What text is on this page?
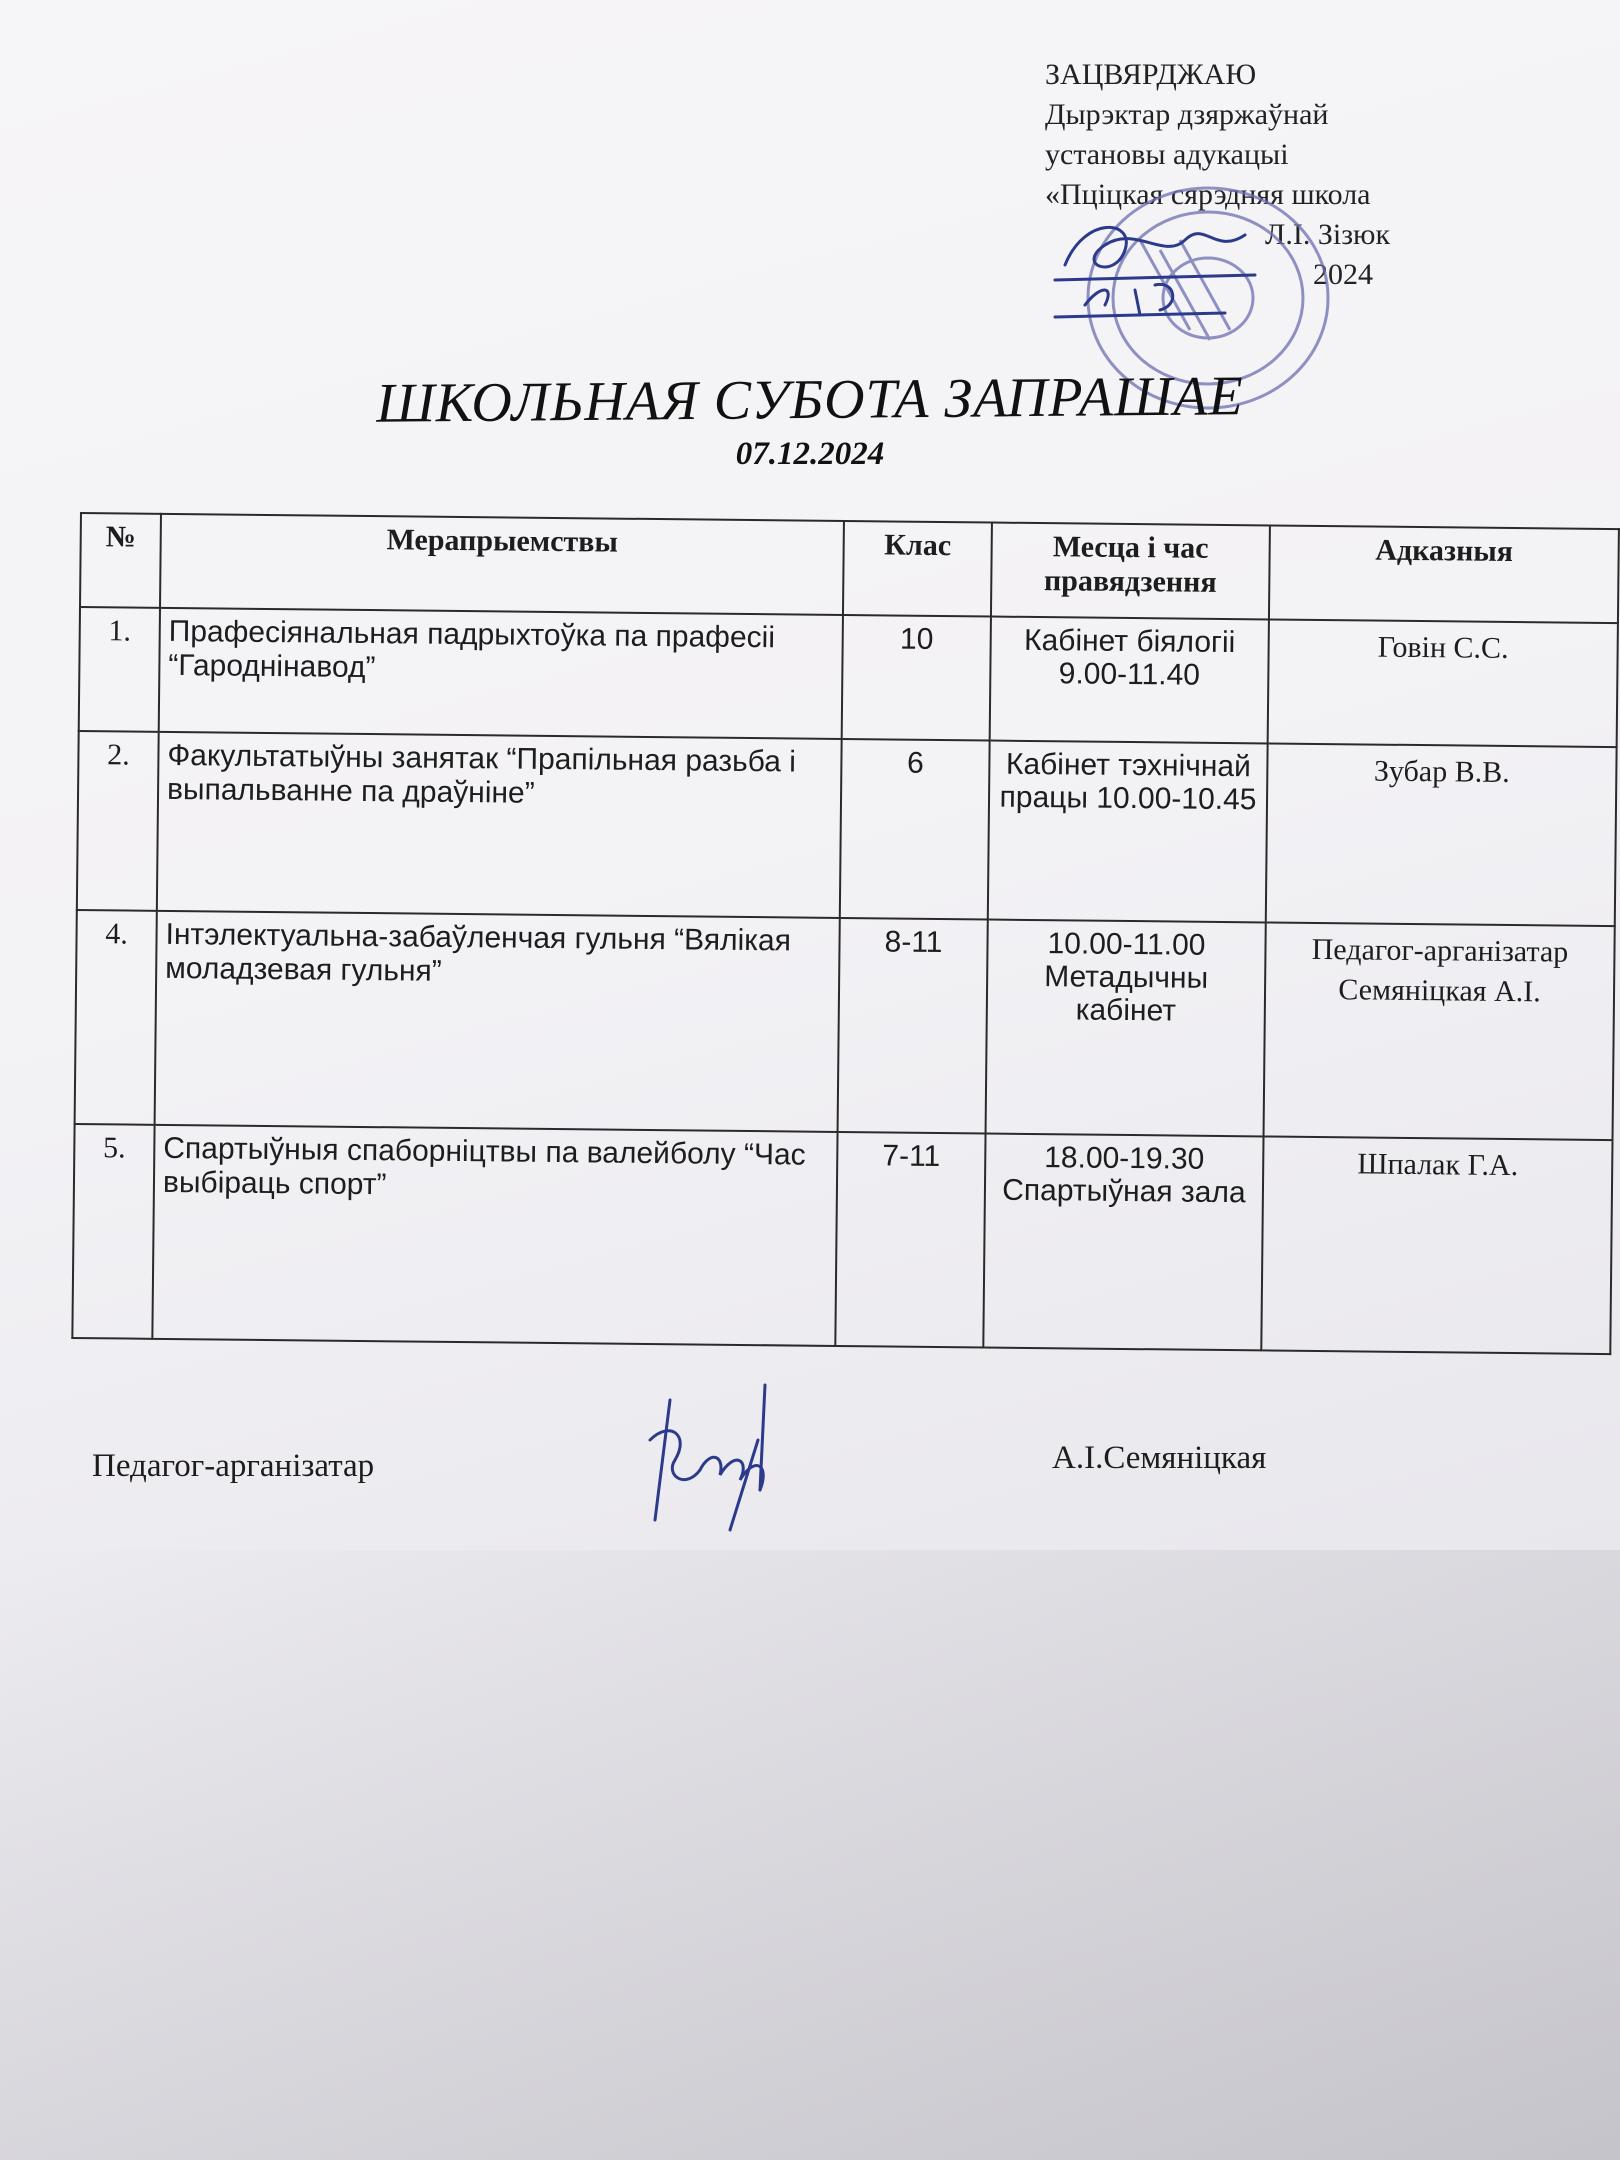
ЗАЦВЯРДЖАЮ
Дырэктар дзяржаўнай
установы адукацыі
«Пціцкая сярэдняя школа
Л.І. Зізюк
2024
ШКОЛЬНАЯ СУБОТА ЗАПРАШАЕ
07.12.2024
№	Мерапрыемствы	Клас	Месца і час правядзення	Адказныя
1.	Прафесіянальная падрыхтоўка па прафесіі “Гароднінавод”	10	Кабінет біялогіі 9.00-11.40	Говін С.С.
2.	Факультатыўны занятак “Прапільная разьба і выпальванне па драўніне”	6	Кабінет тэхнічнай працы 10.00-10.45	Зубар В.В.
4.	Інтэлектуальна-забаўленчая гульня “Вялікая моладзевая гульня”	8-11	10.00-11.00 Метадычны кабінет	Педагог-арганізатар Семяніцкая А.І.
5.	Спартыўныя спаборніцтвы па валейболу “Час выбіраць спорт”	7-11	18.00-19.30 Спартыўная зала	Шпалак Г.А.
Педагог-арганізатар	А.І.Семяніцкая
